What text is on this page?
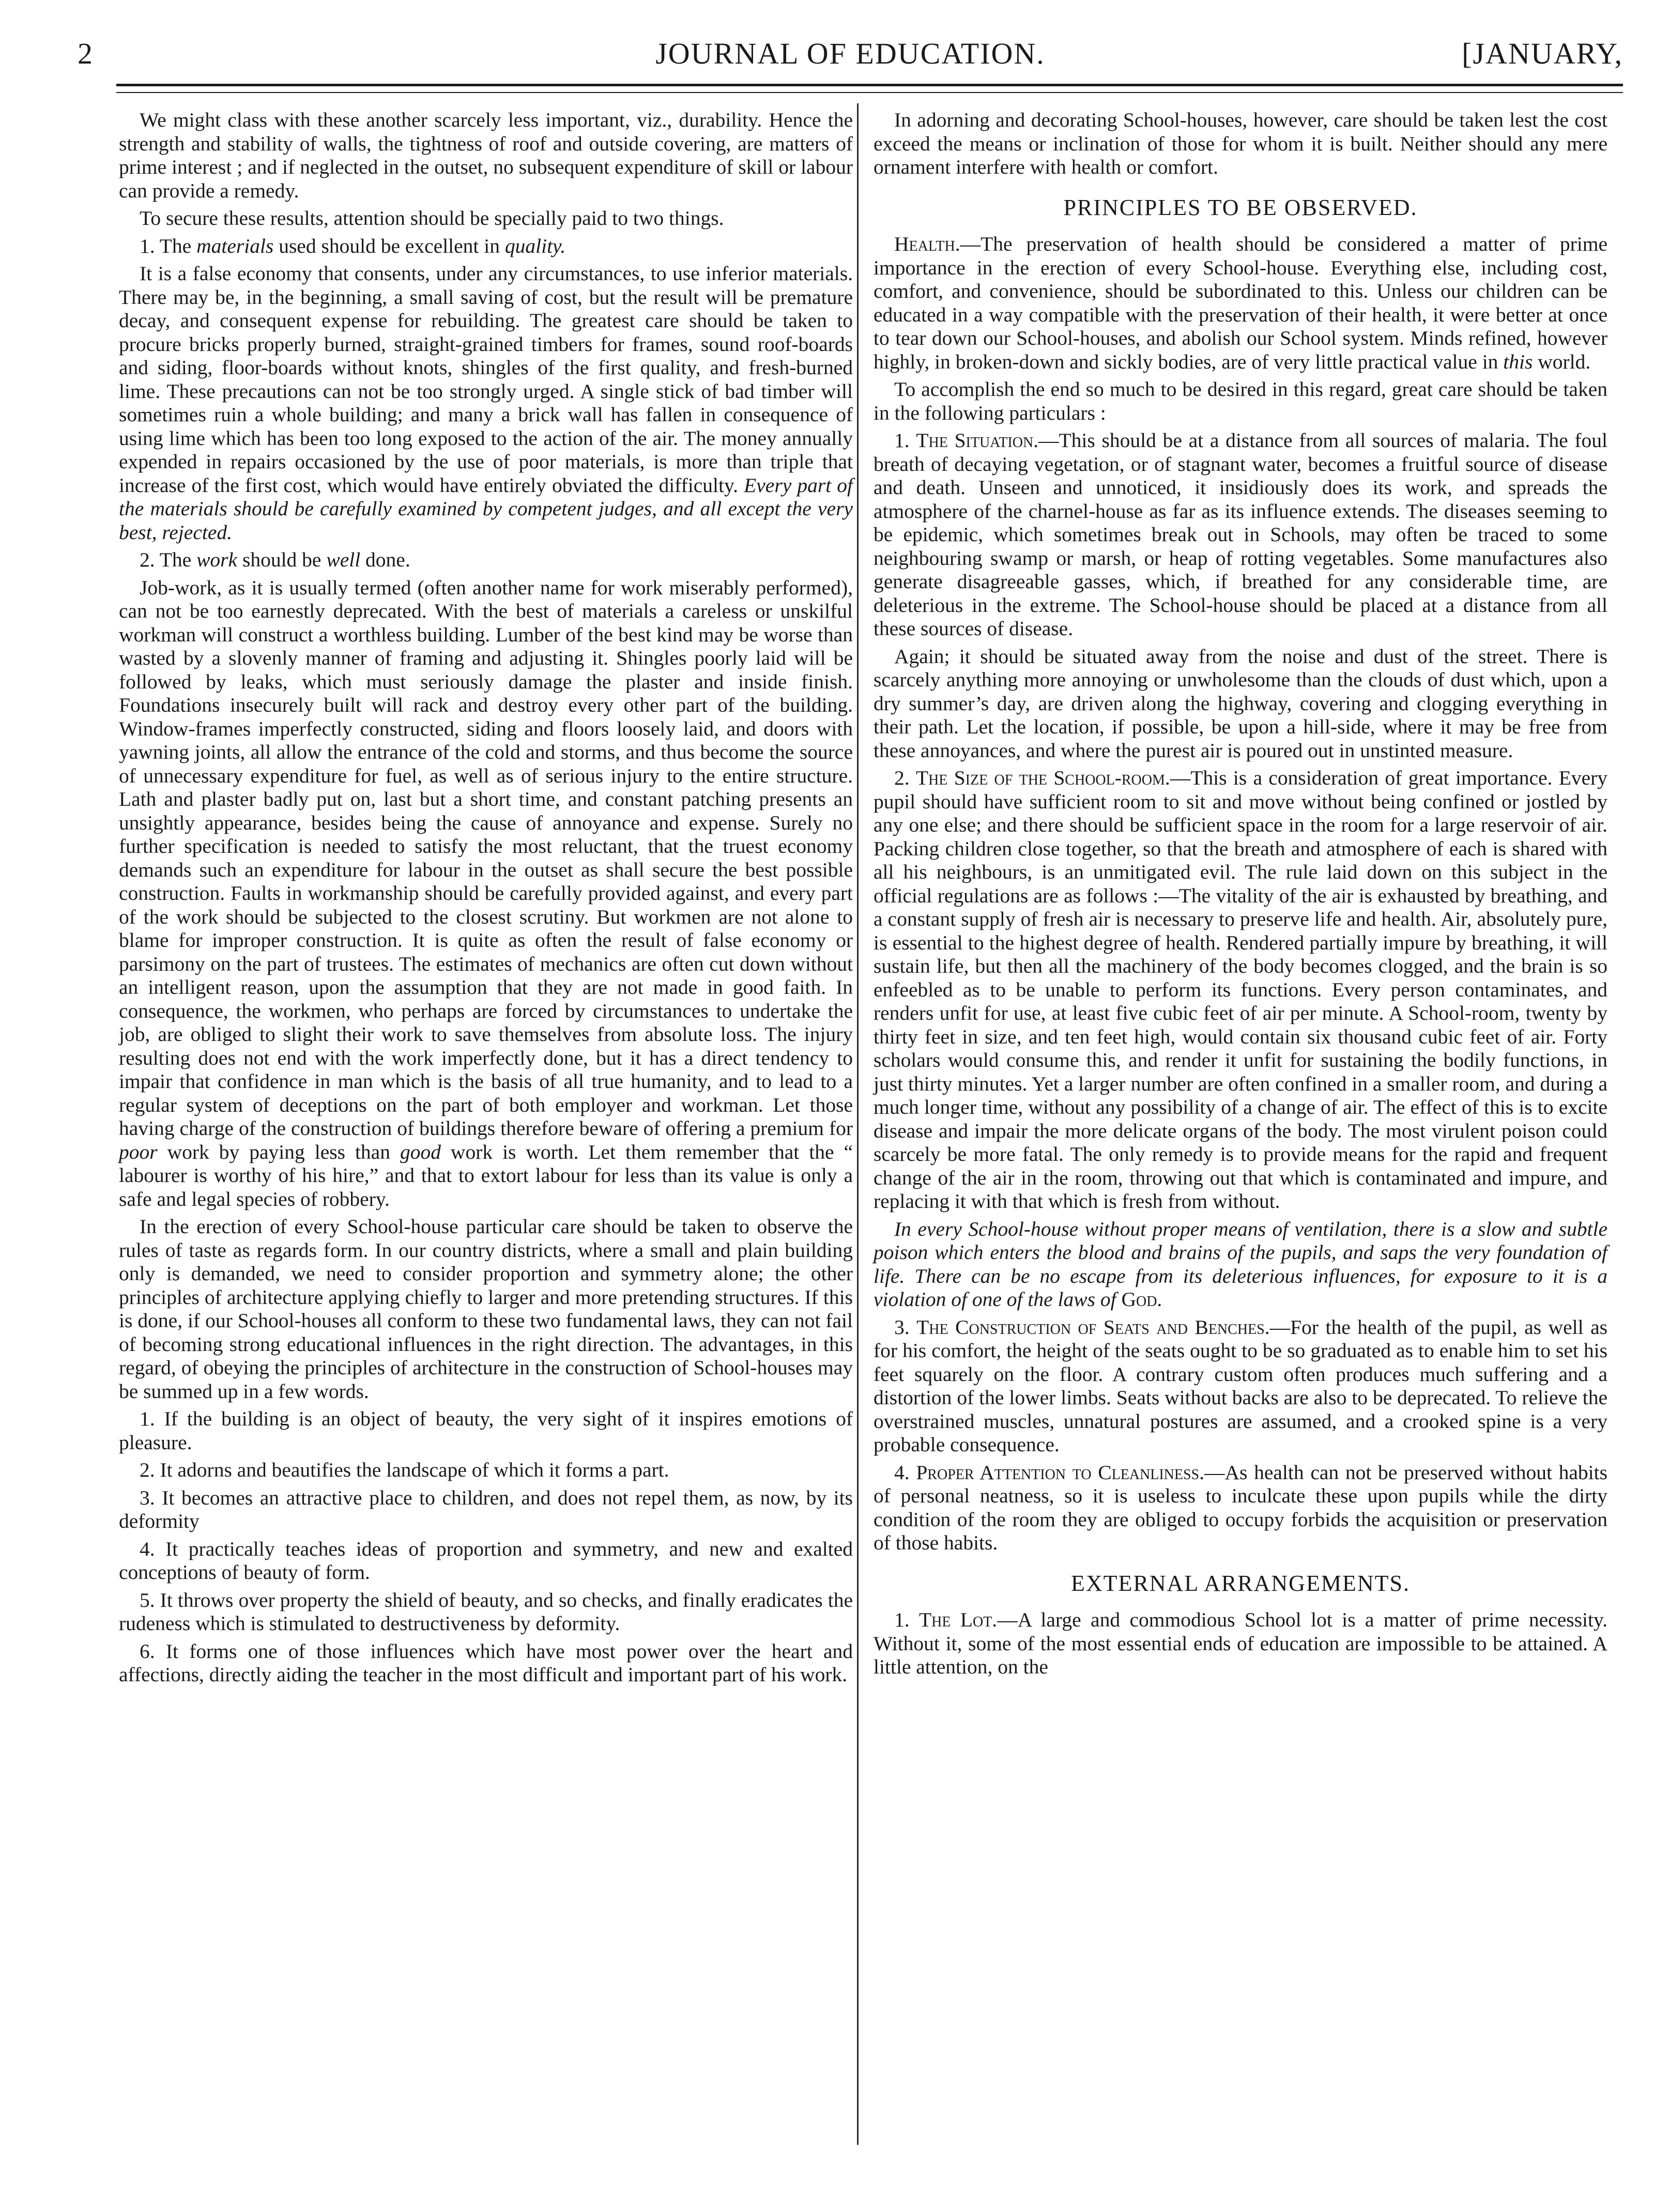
2	JOURNAL OF EDUCATION.	[JANUARY,

We might class with these another scarcely less important, viz., durability. Hence the strength and stability of walls, the tightness of roof and outside covering, are matters of prime interest ; and if neglected in the outset, no subsequent expenditure of skill or labour can provide a remedy.

To secure these results, attention should be specially paid to two things.

1. The materials used should be excellent in quality.

It is a false economy that consents, under any circumstances, to use inferior materials. There may be, in the beginning, a small saving of cost, but the result will be premature decay, and consequent expense for rebuilding. The greatest care should be taken to procure bricks properly burned, straight-grained timbers for frames, sound roof-boards and siding, floor-boards without knots, shingles of the first quality, and fresh-burned lime. These precautions can not be too strongly urged. A single stick of bad timber will sometimes ruin a whole building; and many a brick wall has fallen in consequence of using lime which has been too long exposed to the action of the air. The money annually expended in repairs occasioned by the use of poor materials, is more than triple that increase of the first cost, which would have entirely obviated the difficulty. Every part of the materials should be carefully examined by competent judges, and all except the very best, rejected.

2. The work should be well done.

Job-work, as it is usually termed (often another name for work miserably performed), can not be too earnestly deprecated. With the best of materials a careless or unskilful workman will construct a worthless building. Lumber of the best kind may be worse than wasted by a slovenly manner of framing and adjusting it. Shingles poorly laid will be followed by leaks, which must seriously damage the plaster and inside finish. Foundations insecurely built will rack and destroy every other part of the building. Window-frames imperfectly constructed, siding and floors loosely laid, and doors with yawning joints, all allow the entrance of the cold and storms, and thus become the source of unnecessary expenditure for fuel, as well as of serious injury to the entire structure. Lath and plaster badly put on, last but a short time, and constant patching presents an unsightly appearance, besides being the cause of annoyance and expense. Surely no further specification is needed to satisfy the most reluctant, that the truest economy demands such an expenditure for labour in the outset as shall secure the best possible construction. Faults in workmanship should be carefully provided against, and every part of the work should be subjected to the closest scrutiny. But workmen are not alone to blame for improper construction. It is quite as often the result of false economy or parsimony on the part of trustees. The estimates of mechanics are often cut down without an intelligent reason, upon the assumption that they are not made in good faith. In consequence, the workmen, who perhaps are forced by circumstances to undertake the job, are obliged to slight their work to save themselves from absolute loss. The injury resulting does not end with the work imperfectly done, but it has a direct tendency to impair that confidence in man which is the basis of all true humanity, and to lead to a regular system of deceptions on the part of both employer and workman. Let those having charge of the construction of buildings therefore beware of offering a premium for poor work by paying less than good work is worth. Let them remember that the “ labourer is worthy of his hire,” and that to extort labour for less than its value is only a safe and legal species of robbery.

In the erection of every School-house particular care should be taken to observe the rules of taste as regards form. In our country districts, where a small and plain building only is demanded, we need to consider proportion and symmetry alone; the other principles of architecture applying chiefly to larger and more pretending structures. If this is done, if our School-houses all conform to these two fundamental laws, they can not fail of becoming strong educational influences in the right direction. The advantages, in this regard, of obeying the principles of architecture in the construction of School-houses may be summed up in a few words.

1. If the building is an object of beauty, the very sight of it inspires emotions of pleasure.

2. It adorns and beautifies the landscape of which it forms a part.

3. It becomes an attractive place to children, and does not repel them, as now, by its deformity

4. It practically teaches ideas of proportion and symmetry, and new and exalted conceptions of beauty of form.

5. It throws over property the shield of beauty, and so checks, and finally eradicates the rudeness which is stimulated to destructiveness by deformity.

6. It forms one of those influences which have most power over the heart and affections, directly aiding the teacher in the most difficult and important part of his work.

In adorning and decorating School-houses, however, care should be taken lest the cost exceed the means or inclination of those for whom it is built. Neither should any mere ornament interfere with health or comfort.

PRINCIPLES TO BE OBSERVED.

Health.—The preservation of health should be considered a matter of prime importance in the erection of every School-house. Everything else, including cost, comfort, and convenience, should be subordinated to this. Unless our children can be educated in a way compatible with the preservation of their health, it were better at once to tear down our School-houses, and abolish our School system. Minds refined, however highly, in broken-down and sickly bodies, are of very little practical value in this world.

To accomplish the end so much to be desired in this regard, great care should be taken in the following particulars :

1. The Situation.—This should be at a distance from all sources of malaria. The foul breath of decaying vegetation, or of stagnant water, becomes a fruitful source of disease and death. Unseen and unnoticed, it insidiously does its work, and spreads the atmosphere of the charnel-house as far as its influence extends. The diseases seeming to be epidemic, which sometimes break out in Schools, may often be traced to some neighbouring swamp or marsh, or heap of rotting vegetables. Some manufactures also generate disagreeable gasses, which, if breathed for any considerable time, are deleterious in the extreme. The School-house should be placed at a distance from all these sources of disease.

Again; it should be situated away from the noise and dust of the street. There is scarcely anything more annoying or unwholesome than the clouds of dust which, upon a dry summer’s day, are driven along the highway, covering and clogging everything in their path. Let the location, if possible, be upon a hill-side, where it may be free from these annoyances, and where the purest air is poured out in unstinted measure.

2. The Size of the School-room.—This is a consideration of great importance. Every pupil should have sufficient room to sit and move without being confined or jostled by any one else; and there should be sufficient space in the room for a large reservoir of air. Packing children close together, so that the breath and atmosphere of each is shared with all his neighbours, is an unmitigated evil. The rule laid down on this subject in the official regulations are as follows :—The vitality of the air is exhausted by breathing, and a constant supply of fresh air is necessary to preserve life and health. Air, absolutely pure, is essential to the highest degree of health. Rendered partially impure by breathing, it will sustain life, but then all the machinery of the body becomes clogged, and the brain is so enfeebled as to be unable to perform its functions. Every person contaminates, and renders unfit for use, at least five cubic feet of air per minute. A School-room, twenty by thirty feet in size, and ten feet high, would contain six thousand cubic feet of air. Forty scholars would consume this, and render it unfit for sustaining the bodily functions, in just thirty minutes. Yet a larger number are often confined in a smaller room, and during a much longer time, without any possibility of a change of air. The effect of this is to excite disease and impair the more delicate organs of the body. The most virulent poison could scarcely be more fatal. The only remedy is to provide means for the rapid and frequent change of the air in the room, throwing out that which is contaminated and impure, and replacing it with that which is fresh from without.

In every School-house without proper means of ventilation, there is a slow and subtle poison which enters the blood and brains of the pupils, and saps the very foundation of life. There can be no escape from its deleterious influences, for exposure to it is a violation of one of the laws of God.

3. The Construction of Seats and Benches.—For the health of the pupil, as well as for his comfort, the height of the seats ought to be so graduated as to enable him to set his feet squarely on the floor. A contrary custom often produces much suffering and a distortion of the lower limbs. Seats without backs are also to be deprecated. To relieve the overstrained muscles, unnatural postures are assumed, and a crooked spine is a very probable consequence.

4. Proper Attention to Cleanliness.—As health can not be preserved without habits of personal neatness, so it is useless to inculcate these upon pupils while the dirty condition of the room they are obliged to occupy forbids the acquisition or preservation of those habits.

EXTERNAL ARRANGEMENTS.

1. The Lot.—A large and commodious School lot is a matter of prime necessity. Without it, some of the most essential ends of education are impossible to be attained. A little attention, on the
